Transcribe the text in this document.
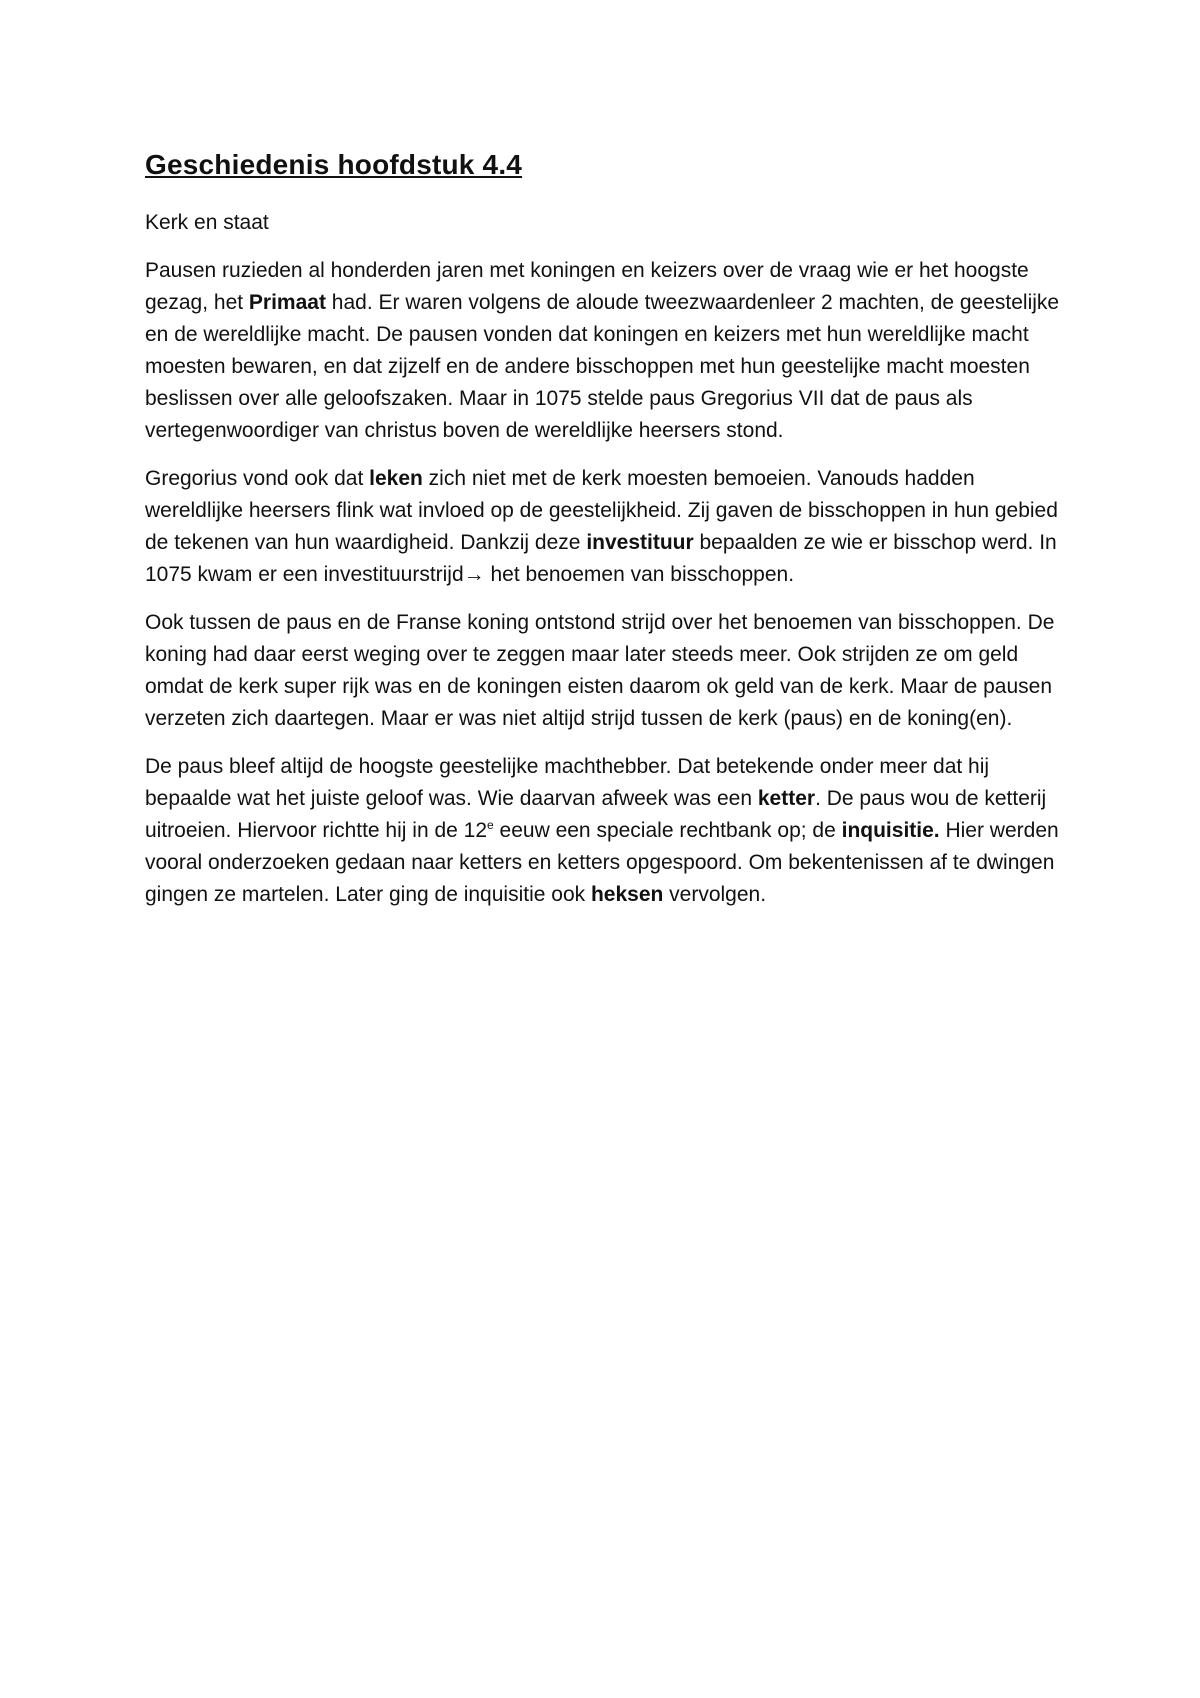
Geschiedenis hoofdstuk 4.4

Kerk en staat

Pausen ruzieden al honderden jaren met koningen en keizers over de vraag wie er het hoogste gezag, het Primaat had. Er waren volgens de aloude tweezwaardenleer 2 machten, de geestelijke en de wereldlijke macht. De pausen vonden dat koningen en keizers met hun wereldlijke macht moesten bewaren, en dat zijzelf en de andere bisschoppen met hun geestelijke macht moesten beslissen over alle geloofszaken. Maar in 1075 stelde paus Gregorius VII dat de paus als vertegenwoordiger van christus boven de wereldlijke heersers stond.

Gregorius vond ook dat leken zich niet met de kerk moesten bemoeien. Vanouds hadden wereldlijke heersers flink wat invloed op de geestelijkheid. Zij gaven de bisschoppen in hun gebied de tekenen van hun waardigheid. Dankzij deze investituur bepaalden ze wie er bisschop werd. In 1075 kwam er een investituurstrijd→ het benoemen van bisschoppen.

Ook tussen de paus en de Franse koning ontstond strijd over het benoemen van bisschoppen. De koning had daar eerst weging over te zeggen maar later steeds meer. Ook strijden ze om geld omdat de kerk super rijk was en de koningen eisten daarom ok geld van de kerk. Maar de pausen verzeten zich daartegen. Maar er was niet altijd strijd tussen de kerk (paus) en de koning(en).

De paus bleef altijd de hoogste geestelijke machthebber. Dat betekende onder meer dat hij bepaalde wat het juiste geloof was. Wie daarvan afweek was een ketter. De paus wou de ketterij uitroeien. Hiervoor richtte hij in de 12e eeuw een speciale rechtbank op; de inquisitie. Hier werden vooral onderzoeken gedaan naar ketters en ketters opgespoord. Om bekentenissen af te dwingen gingen ze martelen. Later ging de inquisitie ook heksen vervolgen.
